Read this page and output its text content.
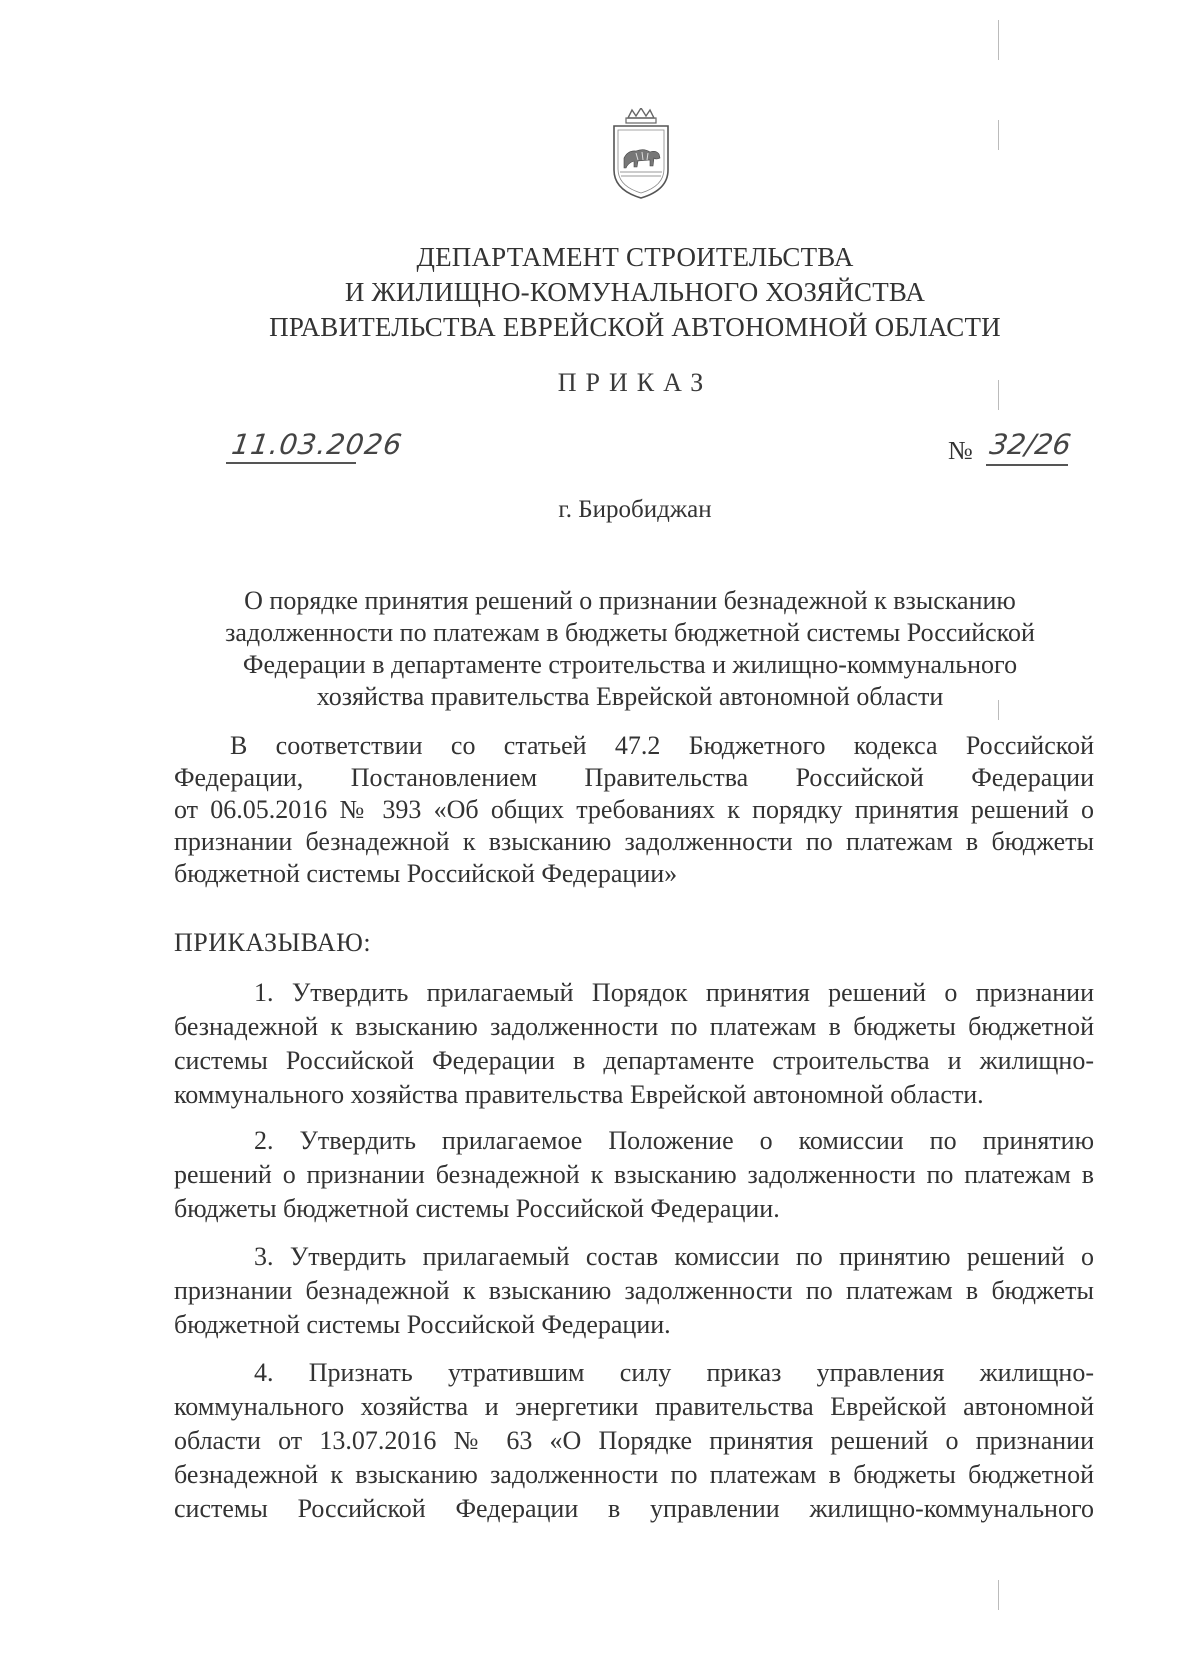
ДЕПАРТАМЕНТ СТРОИТЕЛЬСТВА
И ЖИЛИЩНО-КОМУНАЛЬНОГО ХОЗЯЙСТВА
ПРАВИТЕЛЬСТВА ЕВРЕЙСКОЙ АВТОНОМНОЙ ОБЛАСТИ
ПРИКАЗ
11.03.2026	№ 32/26
г. Биробиджан
О порядке принятия решений о признании безнадежной к взысканию
задолженности по платежам в бюджеты бюджетной системы Российской
Федерации в департаменте строительства и жилищно-коммунального
хозяйства правительства Еврейской автономной области
В соответствии со статьей 47.2 Бюджетного кодекса Российской
Федерации, Постановлением Правительства Российской Федерации
от 06.05.2016 № 393 «Об общих требованиях к порядку принятия решений о
признании безнадежной к взысканию задолженности по платежам в бюджеты
бюджетной системы Российской Федерации»
ПРИКАЗЫВАЮ:
1. Утвердить прилагаемый Порядок принятия решений о признании
безнадежной к взысканию задолженности по платежам в бюджеты бюджетной
системы Российской Федерации в департаменте строительства и жилищно-
коммунального хозяйства правительства Еврейской автономной области.
2. Утвердить прилагаемое Положение о комиссии по принятию
решений о признании безнадежной к взысканию задолженности по платежам в
бюджеты бюджетной системы Российской Федерации.
3. Утвердить прилагаемый состав комиссии по принятию решений о
признании безнадежной к взысканию задолженности по платежам в бюджеты
бюджетной системы Российской Федерации.
4. Признать утратившим силу приказ управления жилищно-
коммунального хозяйства и энергетики правительства Еврейской автономной
области от 13.07.2016 № 63 «О Порядке принятия решений о признании
безнадежной к взысканию задолженности по платежам в бюджеты бюджетной
системы Российской Федерации в управлении жилищно-коммунального
